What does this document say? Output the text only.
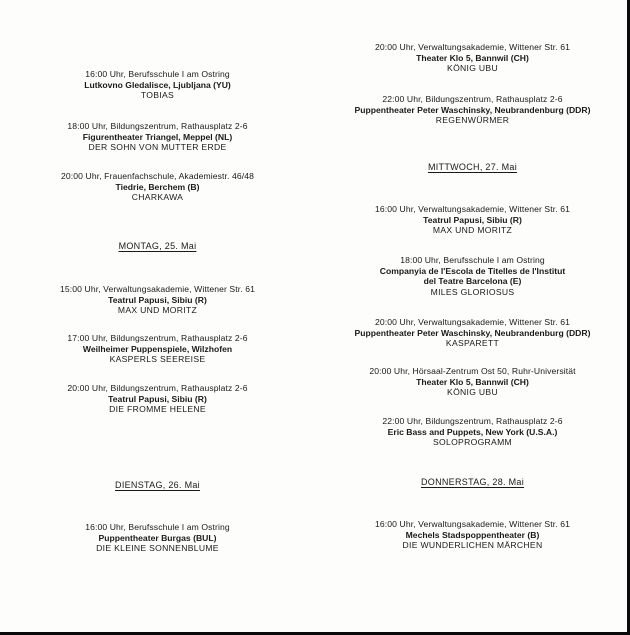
16:00 Uhr, Berufsschule I am Ostring
Lutkovno Gledalisce, Ljubljana (YU)
TOBIAS
18:00 Uhr, Bildungszentrum, Rathausplatz 2-6
Figurentheater Triangel, Meppel (NL)
DER SOHN VON MUTTER ERDE
20:00 Uhr, Frauenfachschule, Akademiestr. 46/48
Tiedrie, Berchem (B)
CHARKAWA
MONTAG, 25. Mai
15:00 Uhr, Verwaltungsakademie, Wittener Str. 61
Teatrul Papusi, Sibiu (R)
MAX UND MORITZ
17:00 Uhr, Bildungszentrum, Rathausplatz 2-6
Weilheimer Puppenspiele, Wilzhofen
KASPERLS SEEREISE
20:00 Uhr, Bildungszentrum, Rathausplatz 2-6
Teatrul Papusi, Sibiu (R)
DIE FROMME HELENE
DIENSTAG, 26. Mai
16:00 Uhr, Berufsschule I am Ostring
Puppentheater Burgas (BUL)
DIE KLEINE SONNENBLUME
20:00 Uhr, Verwaltungsakademie, Wittener Str. 61
Theater Klo 5, Bannwil (CH)
KÖNIG UBU
22:00 Uhr, Bildungszentrum, Rathausplatz 2-6
Puppentheater Peter Waschinsky, Neubrandenburg (DDR)
REGENWÜRMER
MITTWOCH, 27. Mai
16:00 Uhr, Verwaltungsakademie, Wittener Str. 61
Teatrul Papusi, Sibiu (R)
MAX UND MORITZ
18:00 Uhr, Berufsschule I am Ostring
Companyia de l'Escola de Titelles de l'Institut
del Teatre Barcelona (E)
MILES GLORIOSUS
20:00 Uhr, Verwaltungsakademie, Wittener Str. 61
Puppentheater Peter Waschinsky, Neubrandenburg (DDR)
KASPARETT
20:00 Uhr, Hörsaal-Zentrum Ost 50, Ruhr-Universität
Theater Klo 5, Bannwil (CH)
KÖNIG UBU
22:00 Uhr, Bildungszentrum, Rathausplatz 2-6
Eric Bass and Puppets, New York (U.S.A.)
SOLOPROGRAMM
DONNERSTAG, 28. Mai
16:00 Uhr, Verwaltungsakademie, Wittener Str. 61
Mechels Stadspoppentheater (B)
DIE WUNDERLICHEN MÄRCHEN
